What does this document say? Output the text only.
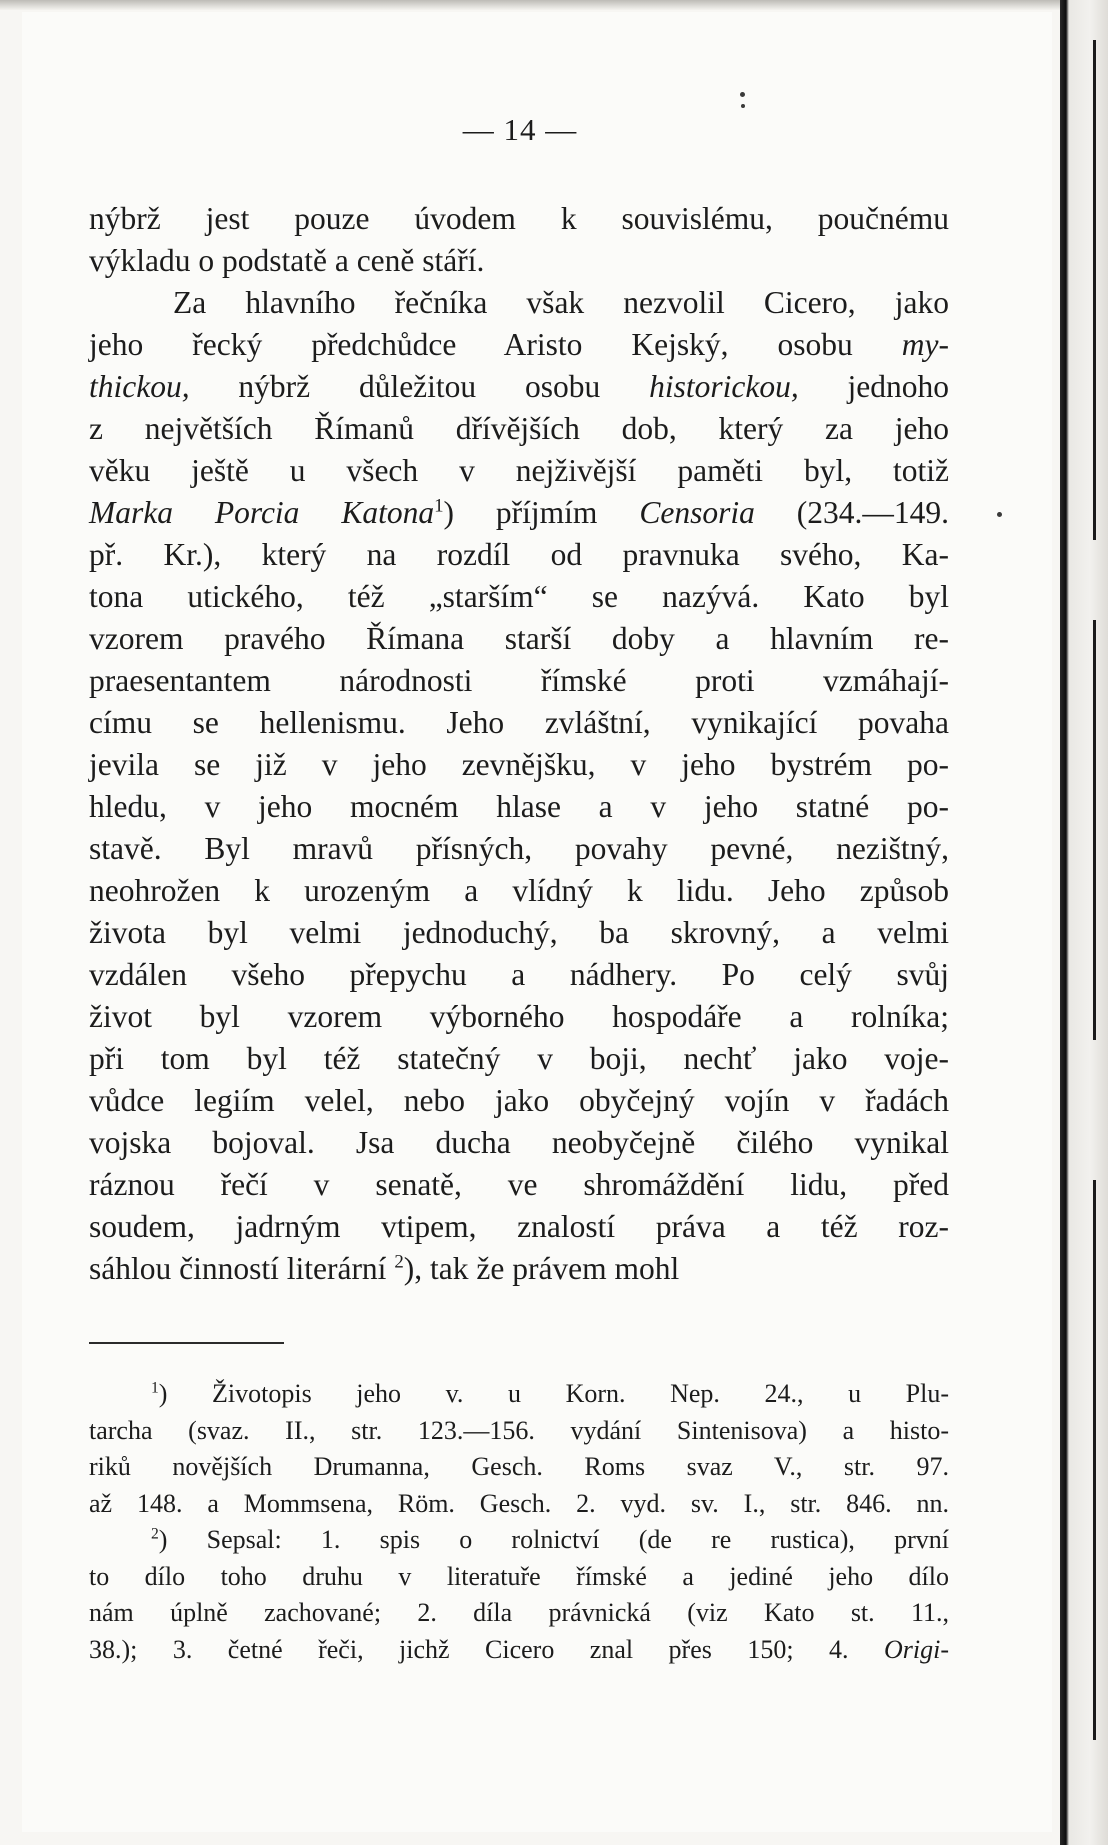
— 14 —
nýbrž jest pouze úvodem k souvislému, poučnému
výkladu o podstatě a ceně stáří.
Za hlavního řečníka však nezvolil Cicero, jako
jeho řecký předchůdce Aristo Kejský, osobu my-
thickou, nýbrž důležitou osobu historickou, jednoho
z největších Římanů dřívějších dob, který za jeho
věku ještě u všech v nejživější paměti byl, totiž
Marka Porcia Katona$^1$) příjmím Censoria (234.—149.
př. Kr.), který na rozdíl od pravnuka svého, Ka-
tona utického, též „starším“ se nazývá. Kato byl
vzorem pravého Římana starší doby a hlavním re-
praesentantem národnosti římské proti vzmáhají-
címu se hellenismu. Jeho zvláštní, vynikající povaha
jevila se již v jeho zevnějšku, v jeho bystrém po-
hledu, v jeho mocném hlase a v jeho statné po-
stavě. Byl mravů přísných, povahy pevné, nezištný,
neohrožen k urozeným a vlídný k lidu. Jeho způsob
života byl velmi jednoduchý, ba skrovný, a velmi
vzdálen všeho přepychu a nádhery. Po celý svůj
život byl vzorem výborného hospodáře a rolníka;
při tom byl též statečný v boji, nechť jako voje-
vůdce legiím velel, nebo jako obyčejný vojín v řadách
vojska bojoval. Jsa ducha neobyčejně čilého vynikal
ráznou řečí v senatě, ve shromáždění lidu, před
soudem, jadrným vtipem, znalostí práva a též roz-
sáhlou činností literární $^2$), tak že právem mohl
$^1$) Životopis jeho v. u Korn. Nep. 24., u Plu-
tarcha (svaz. II., str. 123.—156. vydání Sintenisova) a histo-
riků novějších Drumanna, Gesch. Roms svaz V., str. 97.
až 148. a Mommsena, Röm. Gesch. 2. vyd. sv. I., str. 846. nn.
$^2$) Sepsal: 1. spis o rolnictví (de re rustica), první
to dílo toho druhu v literatuře římské a jediné jeho dílo
nám úplně zachované; 2. díla právnická (viz Kato st. 11.,
38.); 3. četné řeči, jichž Cicero znal přes 150; 4. Origi-
